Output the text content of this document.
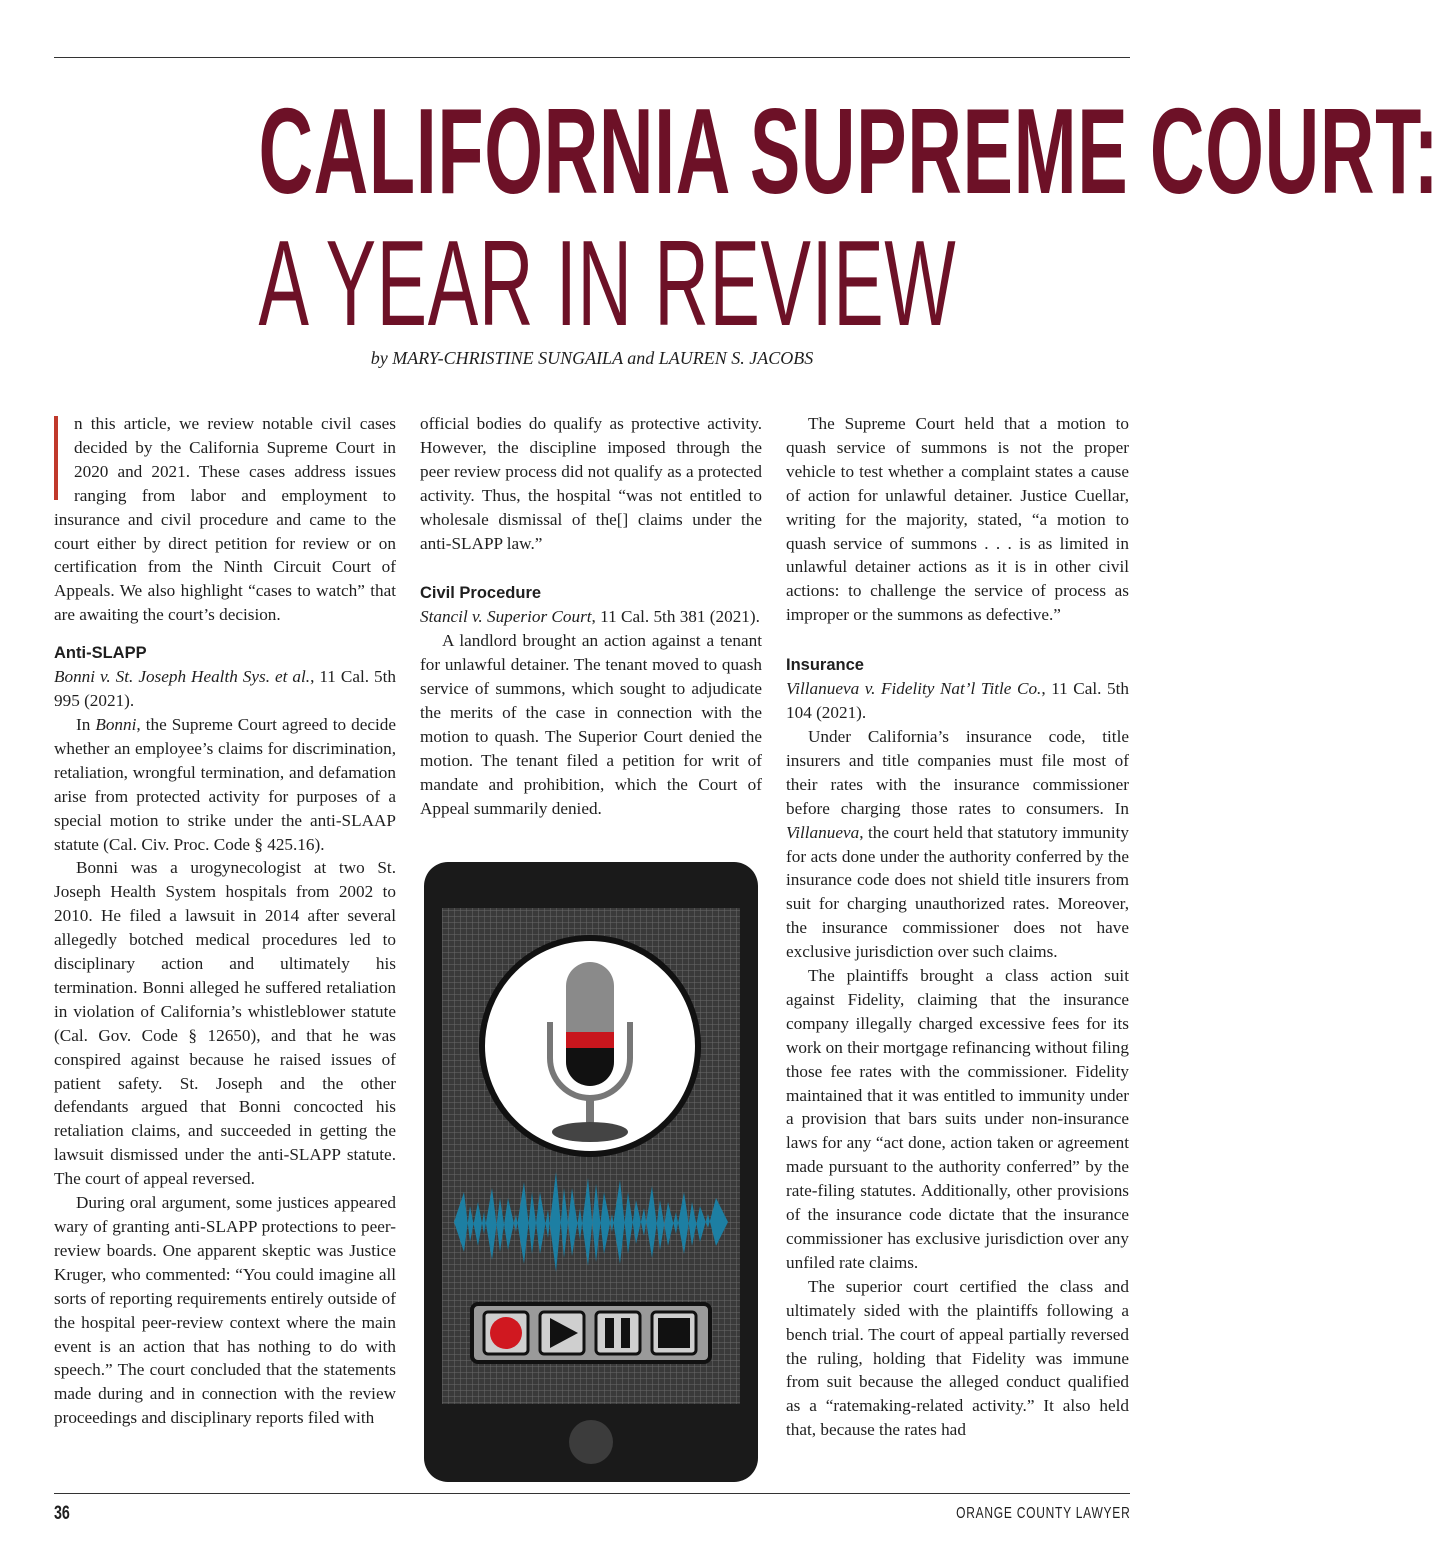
CALIFORNIA SUPREME COURT:
A YEAR IN REVIEW
by MARY-CHRISTINE SUNGAILA and LAUREN S. JACOBS

n this article, we review notable civil cases decided by the California Supreme Court in 2020 and 2021. These cases address issues ranging from labor and employment to insurance and civil procedure and came to the court either by direct petition for review or on certification from the Ninth Circuit Court of Appeals. We also highlight “cases to watch” that are awaiting the court’s decision.

Anti-SLAPP

Bonni v. St. Joseph Health Sys. et al., 11 Cal. 5th 995 (2021).

In Bonni, the Supreme Court agreed to decide whether an employee’s claims for discrimination, retaliation, wrongful termination, and defamation arise from protected activity for purposes of a special motion to strike under the anti-SLAAP statute (Cal. Civ. Proc. Code § 425.16).

Bonni was a urogynecologist at two St. Joseph Health System hospitals from 2002 to 2010. He filed a lawsuit in 2014 after several allegedly botched medical procedures led to disciplinary action and ultimately his termination. Bonni alleged he suffered retaliation in violation of California’s whistleblower statute (Cal. Gov. Code § 12650), and that he was conspired against because he raised issues of patient safety. St. Joseph and the other defendants argued that Bonni concocted his retaliation claims, and succeeded in getting the lawsuit dismissed under the anti-SLAPP statute. The court of appeal reversed.

During oral argument, some justices appeared wary of granting anti-SLAPP protections to peer-review boards. One apparent skeptic was Justice Kruger, who commented: “You could imagine all sorts of reporting requirements entirely outside of the hospital peer-review context where the main event is an action that has nothing to do with speech.” The court concluded that the statements made during and in connection with the review proceedings and disciplinary reports filed with

official bodies do qualify as protective activity. However, the discipline imposed through the peer review process did not qualify as a protected activity. Thus, the hospital “was not entitled to wholesale dismissal of the[] claims under the anti-SLAPP law.”

Civil Procedure

Stancil v. Superior Court, 11 Cal. 5th 381 (2021).

A landlord brought an action against a tenant for unlawful detainer. The tenant moved to quash service of summons, which sought to adjudicate the merits of the case in connection with the motion to quash. The Superior Court denied the motion. The tenant filed a petition for writ of mandate and prohibition, which the Court of Appeal summarily denied.

The Supreme Court held that a motion to quash service of summons is not the proper vehicle to test whether a complaint states a cause of action for unlawful detainer. Justice Cuellar, writing for the majority, stated, “a motion to quash service of summons . . . is as limited in unlawful detainer actions as it is in other civil actions: to challenge the service of process as improper or the summons as defective.”

Insurance

Villanueva v. Fidelity Nat’l Title Co., 11 Cal. 5th 104 (2021).

Under California’s insurance code, title insurers and title companies must file most of their rates with the insurance commissioner before charging those rates to consumers. In Villanueva, the court held that statutory immunity for acts done under the authority conferred by the insurance code does not shield title insurers from suit for charging unauthorized rates. Moreover, the insurance commissioner does not have exclusive jurisdiction over such claims.

The plaintiffs brought a class action suit against Fidelity, claiming that the insurance company illegally charged excessive fees for its work on their mortgage refinancing without filing those fee rates with the commissioner. Fidelity maintained that it was entitled to immunity under a provision that bars suits under non-insurance laws for any “act done, action taken or agreement made pursuant to the authority conferred” by the rate-filing statutes. Additionally, other provisions of the insurance code dictate that the insurance commissioner has exclusive jurisdiction over any unfiled rate claims.

The superior court certified the class and ultimately sided with the plaintiffs following a bench trial. The court of appeal partially reversed the ruling, holding that Fidelity was immune from suit because the alleged conduct qualified as a “ratemaking-related activity.” It also held that, because the rates had

36	ORANGE COUNTY LAWYER
